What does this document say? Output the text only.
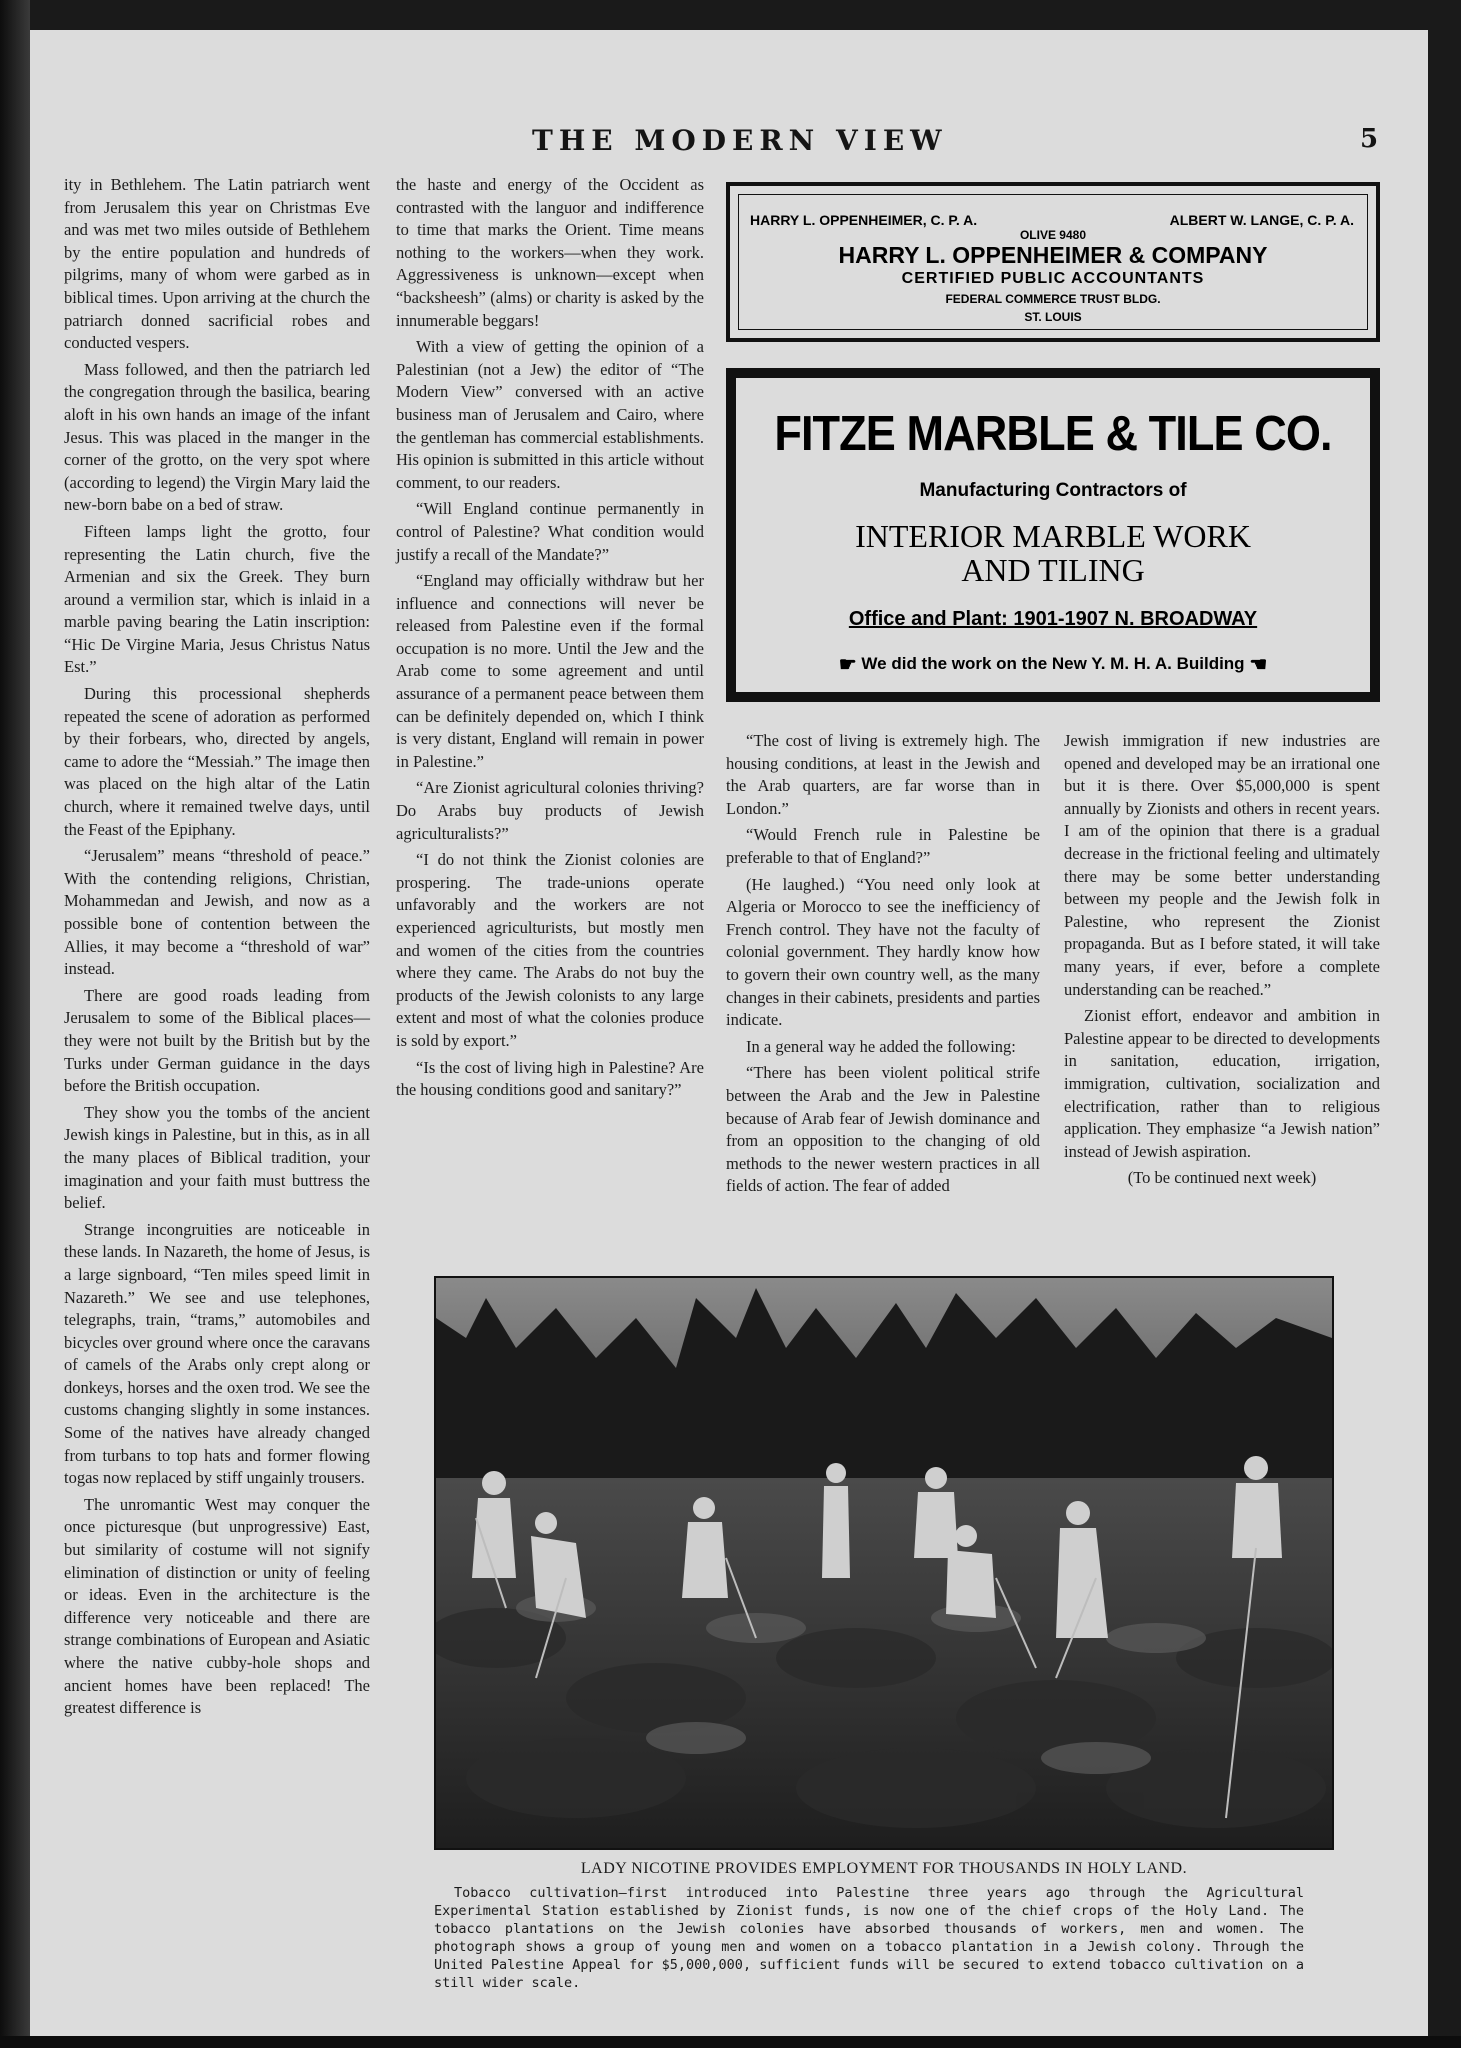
THE MODERN VIEW	5

ity in Bethlehem. The Latin patriarch went from Jerusalem this year on Christmas Eve and was met two miles outside of Bethlehem by the entire population and hundreds of pilgrims, many of whom were garbed as in biblical times. Upon arriving at the church the patriarch donned sacrificial robes and conducted vespers.

Mass followed, and then the patriarch led the congregation through the basilica, bearing aloft in his own hands an image of the infant Jesus. This was placed in the manger in the corner of the grotto, on the very spot where (according to legend) the Virgin Mary laid the new-born babe on a bed of straw.

Fifteen lamps light the grotto, four representing the Latin church, five the Armenian and six the Greek. They burn around a vermilion star, which is inlaid in a marble paving bearing the Latin inscription: “Hic De Virgine Maria, Jesus Christus Natus Est.”

During this processional shepherds repeated the scene of adoration as performed by their forbears, who, directed by angels, came to adore the “Messiah.” The image then was placed on the high altar of the Latin church, where it remained twelve days, until the Feast of the Epiphany.

“Jerusalem” means “threshold of peace.” With the contending religions, Christian, Mohammedan and Jewish, and now as a possible bone of contention between the Allies, it may become a “threshold of war” instead.

There are good roads leading from Jerusalem to some of the Biblical places—they were not built by the British but by the Turks under German guidance in the days before the British occupation.

They show you the tombs of the ancient Jewish kings in Palestine, but in this, as in all the many places of Biblical tradition, your imagination and your faith must buttress the belief.

Strange incongruities are noticeable in these lands. In Nazareth, the home of Jesus, is a large signboard, “Ten miles speed limit in Nazareth.” We see and use telephones, telegraphs, train, “trams,” automobiles and bicycles over ground where once the caravans of camels of the Arabs only crept along or donkeys, horses and the oxen trod. We see the customs changing slightly in some instances. Some of the natives have already changed from turbans to top hats and former flowing togas now replaced by stiff ungainly trousers.

The unromantic West may conquer the once picturesque (but unprogressive) East, but similarity of costume will not signify elimination of distinction or unity of feeling or ideas. Even in the architecture is the difference very noticeable and there are strange combinations of European and Asiatic where the native cubby-hole shops and ancient homes have been replaced! The greatest difference is

the haste and energy of the Occident as contrasted with the languor and indifference to time that marks the Orient. Time means nothing to the workers—when they work. Aggressiveness is unknown—except when “backsheesh” (alms) or charity is asked by the innumerable beggars!

With a view of getting the opinion of a Palestinian (not a Jew) the editor of “The Modern View” conversed with an active business man of Jerusalem and Cairo, where the gentleman has commercial establishments. His opinion is submitted in this article without comment, to our readers.

“Will England continue permanently in control of Palestine? What condition would justify a recall of the Mandate?”

“England may officially withdraw but her influence and connections will never be released from Palestine even if the formal occupation is no more. Until the Jew and the Arab come to some agreement and until assurance of a permanent peace between them can be definitely depended on, which I think is very distant, England will remain in power in Palestine.”

“Are Zionist agricultural colonies thriving? Do Arabs buy products of Jewish agriculturalists?”

“I do not think the Zionist colonies are prospering. The trade-unions operate unfavorably and the workers are not experienced agriculturists, but mostly men and women of the cities from the countries where they came. The Arabs do not buy the products of the Jewish colonists to any large extent and most of what the colonies produce is sold by export.”

“Is the cost of living high in Palestine? Are the housing conditions good and sanitary?”

HARRY L. OPPENHEIMER, C. P. A.	ALBERT W. LANGE, C. P. A.
OLIVE 9480
HARRY L. OPPENHEIMER & COMPANY
CERTIFIED PUBLIC ACCOUNTANTS
FEDERAL COMMERCE TRUST BLDG.
ST. LOUIS
FITZE MARBLE & TILE CO.
Manufacturing Contractors of
INTERIOR MARBLE WORK
AND TILING
Office and Plant: 1901-1907 N. BROADWAY
☛ We did the work on the New Y. M. H. A. Building ☚

“The cost of living is extremely high. The housing conditions, at least in the Jewish and the Arab quarters, are far worse than in London.”

“Would French rule in Palestine be preferable to that of England?”

(He laughed.) “You need only look at Algeria or Morocco to see the inefficiency of French control. They have not the faculty of colonial government. They hardly know how to govern their own country well, as the many changes in their cabinets, presidents and parties indicate.

In a general way he added the following:

“There has been violent political strife between the Arab and the Jew in Palestine because of Arab fear of Jewish dominance and from an opposition to the changing of old methods to the newer western practices in all fields of action. The fear of added

Jewish immigration if new industries are opened and developed may be an irrational one but it is there. Over $5,000,000 is spent annually by Zionists and others in recent years. I am of the opinion that there is a gradual decrease in the frictional feeling and ultimately there may be some better understanding between my people and the Jewish folk in Palestine, who represent the Zionist propaganda. But as I before stated, it will take many years, if ever, before a complete understanding can be reached.”

Zionist effort, endeavor and ambition in Palestine appear to be directed to developments in sanitation, education, irrigation, immigration, cultivation, socialization and electrification, rather than to religious application. They emphasize “a Jewish nation” instead of Jewish aspiration.

(To be continued next week)

LADY NICOTINE PROVIDES EMPLOYMENT FOR THOUSANDS IN HOLY LAND.

Tobacco cultivation—first introduced into Palestine three years ago through the Agricultural Experimental Station established by Zionist funds, is now one of the chief crops of the Holy Land. The tobacco plantations on the Jewish colonies have absorbed thousands of workers, men and women. The photograph shows a group of young men and women on a tobacco plantation in a Jewish colony. Through the United Palestine Appeal for $5,000,000, sufficient funds will be secured to extend tobacco cultivation on a still wider scale.
